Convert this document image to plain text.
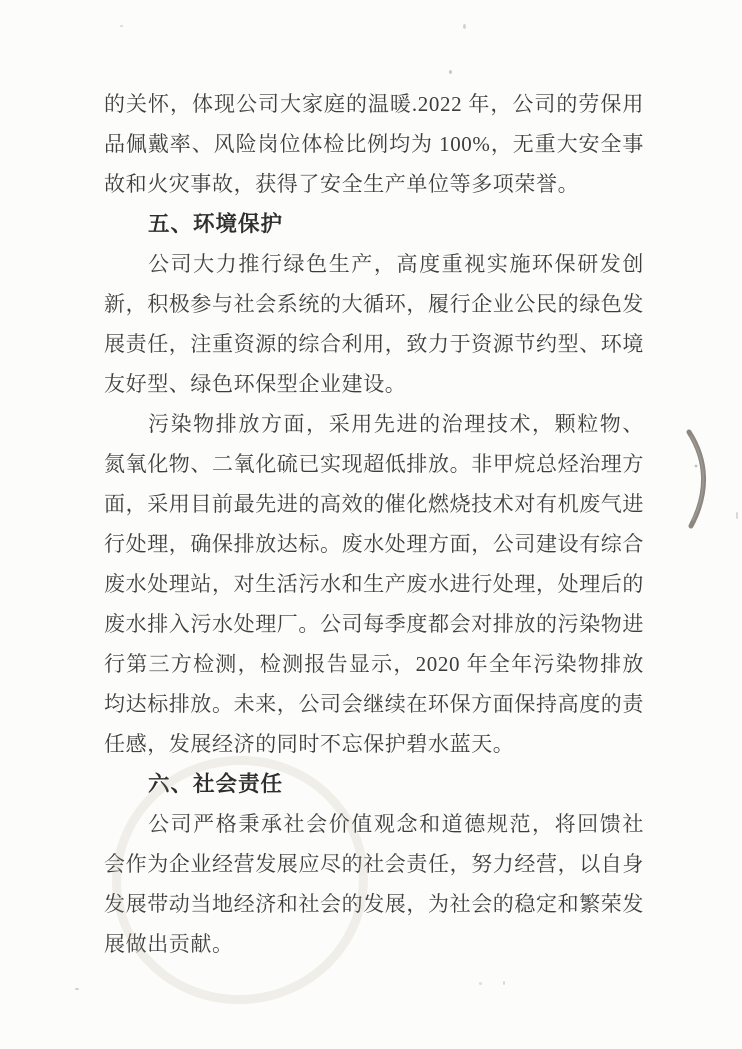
的关怀，体现公司大家庭的温暖.2022 年，公司的劳保用品佩戴率、风险岗位体检比例均为 100%，无重大安全事故和火灾事故，获得了安全生产单位等多项荣誉。

五、环境保护

公司大力推行绿色生产，高度重视实施环保研发创新，积极参与社会系统的大循环，履行企业公民的绿色发展责任，注重资源的综合利用，致力于资源节约型、环境友好型、绿色环保型企业建设。

污染物排放方面，采用先进的治理技术，颗粒物、氮氧化物、二氧化硫已实现超低排放。非甲烷总烃治理方面，采用目前最先进的高效的催化燃烧技术对有机废气进行处理，确保排放达标。废水处理方面，公司建设有综合废水处理站，对生活污水和生产废水进行处理，处理后的废水排入污水处理厂。公司每季度都会对排放的污染物进行第三方检测，检测报告显示，2020 年全年污染物排放均达标排放。未来，公司会继续在环保方面保持高度的责任感，发展经济的同时不忘保护碧水蓝天。

六、社会责任

公司严格秉承社会价值观念和道德规范，将回馈社会作为企业经营发展应尽的社会责任，努力经营，以自身发展带动当地经济和社会的发展，为社会的稳定和繁荣发展做出贡献。
